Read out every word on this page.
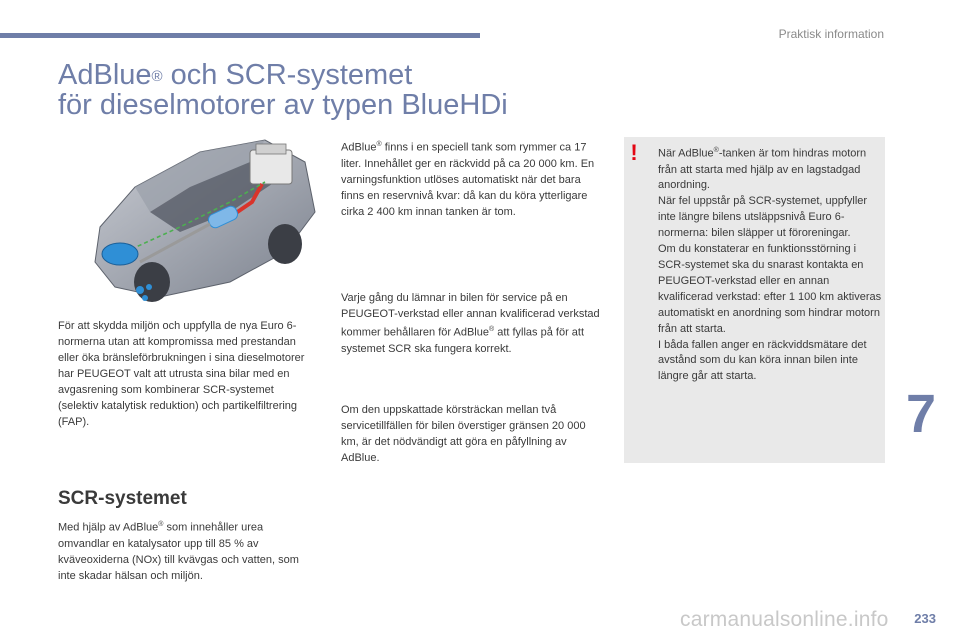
Praktisk information
AdBlue® och SCR-systemet
för dieselmotorer av typen BlueHDi

För att skydda miljön och uppfylla de nya Euro 6-normerna utan att kompromissa med prestandan eller öka bränsleförbrukningen i sina dieselmotorer har PEUGEOT valt att utrusta sina bilar med en avgasrening som kombinerar SCR-systemet (selektiv katalytisk reduktion) och partikelfiltrering (FAP).

SCR-systemet

Med hjälp av AdBlue® som innehåller urea omvandlar en katalysator upp till 85 % av kväveoxiderna (NOx) till kvävgas och vatten, som inte skadar hälsan och miljön.

AdBlue® finns i en speciell tank som rymmer ca 17 liter. Innehållet ger en räckvidd på ca 20 000 km. En varningsfunktion utlöses automatiskt när det bara finns en reservnivå kvar: då kan du köra ytterligare cirka 2 400 km innan tanken är tom.

Varje gång du lämnar in bilen för service på en PEUGEOT-verkstad eller annan kvalificerad verkstad kommer behållaren för AdBlue® att fyllas på för att systemet SCR ska fungera korrekt.

Om den uppskattade körsträckan mellan två servicetillfällen för bilen överstiger gränsen 20 000 km, är det nödvändigt att göra en påfyllning av AdBlue.

! När AdBlue®-tanken är tom hindras motorn från att starta med hjälp av en lagstadgad anordning.
När fel uppstår på SCR-systemet, uppfyller inte längre bilens utsläppsnivå Euro 6-normerna: bilen släpper ut föroreningar.
Om du konstaterar en funktionsstörning i SCR-systemet ska du snarast kontakta en PEUGEOT-verkstad eller en annan kvalificerad verkstad: efter 1 100 km aktiveras automatiskt en anordning som hindrar motorn från att starta.
I båda fallen anger en räckviddsmätare det avstånd som du kan köra innan bilen inte längre går att starta.
7
carmanualsonline.info 233
